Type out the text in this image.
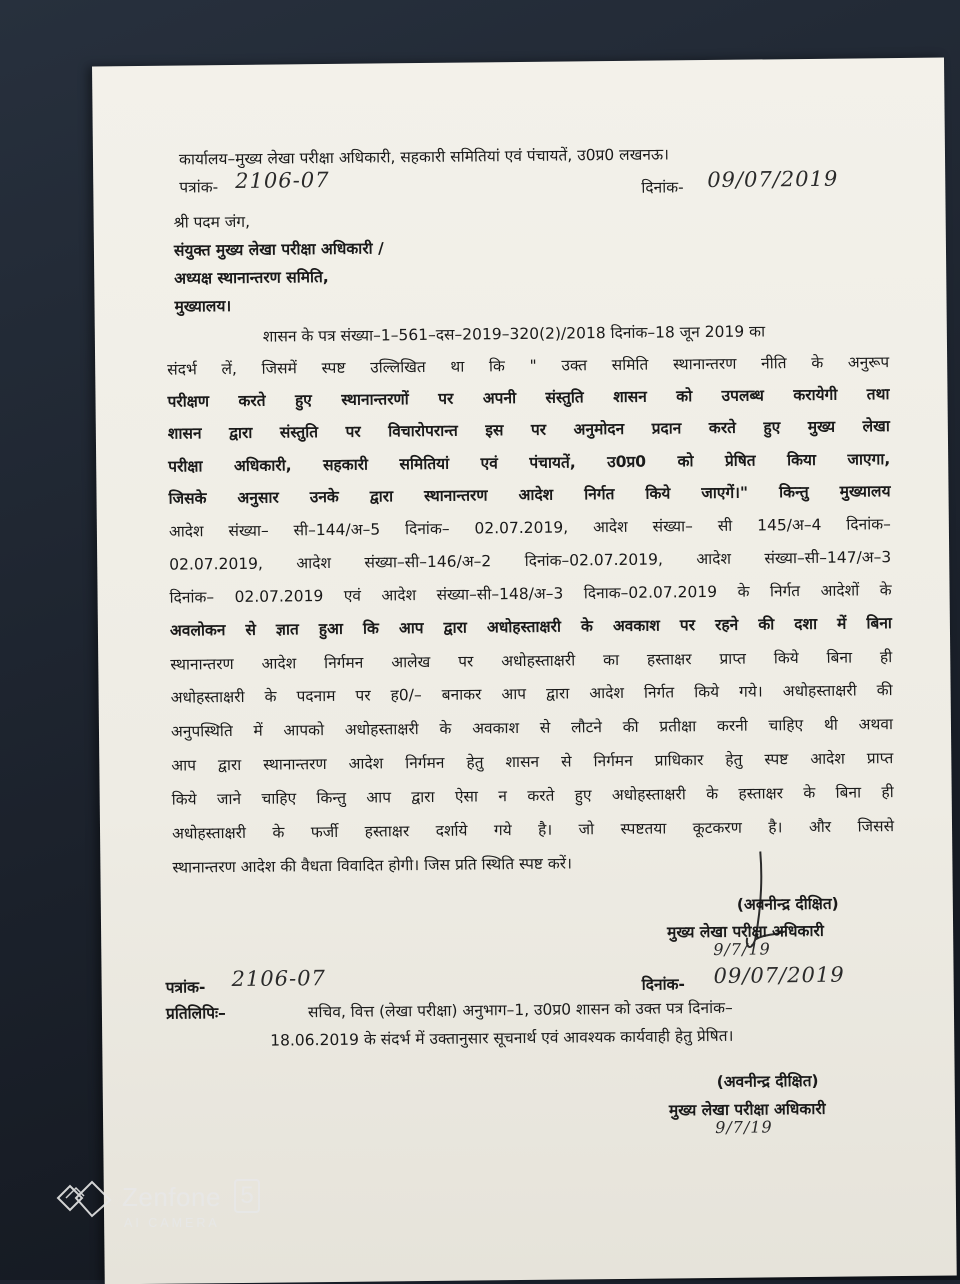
कार्यालय–मुख्य लेखा परीक्षा अधिकारी, सहकारी समितियां एवं पंचायतें, उ0प्र0 लखनऊ।
पत्रांक- 2106-07	दिनांक- 09/07/2019
श्री पदम जंग,
संयुक्त मुख्य लेखा परीक्षा अधिकारी /
अध्यक्ष स्थानान्तरण समिति,
मुख्यालय।
शासन के पत्र संख्या–1–561–दस–2019–320(2)/2018 दिनांक–18 जून 2019 का
संदर्भ लें, जिसमें स्पष्ट उल्लिखित था कि " उक्त समिति स्थानान्तरण नीति के अनुरूप
परीक्षण करते हुए स्थानान्तरणों पर अपनी संस्तुति शासन को उपलब्ध करायेगी तथा
शासन द्वारा संस्तुति पर विचारोपरान्त इस पर अनुमोदन प्रदान करते हुए मुख्य लेखा
परीक्षा अधिकारी, सहकारी समितियां एवं पंचायतें, उ0प्र0 को प्रेषित किया जाएगा,
जिसके अनुसार उनके द्वारा स्थानान्तरण आदेश निर्गत किये जाएगें।" किन्तु मुख्यालय
आदेश संख्या– सी–144/अ–5 दिनांक– 02.07.2019, आदेश संख्या– सी 145/अ–4 दिनांक–
02.07.2019, आदेश संख्या–सी–146/अ–2 दिनांक–02.07.2019, आदेश संख्या–सी–147/अ–3
दिनांक– 02.07.2019 एवं आदेश संख्या–सी–148/अ–3 दिनाक–02.07.2019 के निर्गत आदेशों के
अवलोकन से ज्ञात हुआ कि आप द्वारा अधोहस्ताक्षरी के अवकाश पर रहने की दशा में बिना
स्थानान्तरण आदेश निर्गमन आलेख पर अधोहस्ताक्षरी का हस्ताक्षर प्राप्त किये बिना ही
अधोहस्ताक्षरी के पदनाम पर ह0/– बनाकर आप द्वारा आदेश निर्गत किये गये। अधोहस्ताक्षरी की
अनुपस्थिति में आपको अधोहस्ताक्षरी के अवकाश से लौटने की प्रतीक्षा करनी चाहिए थी अथवा
आप द्वारा स्थानान्तरण आदेश निर्गमन हेतु शासन से निर्गमन प्राधिकार हेतु स्पष्ट आदेश प्राप्त
किये जाने चाहिए किन्तु आप द्वारा ऐसा न करते हुए अधोहस्ताक्षरी के हस्ताक्षर के बिना ही
अधोहस्ताक्षरी के फर्जी हस्ताक्षर दर्शाये गये है। जो स्पष्टतया कूटकरण है। और जिससे
स्थानान्तरण आदेश की वैधता विवादित होगी। जिस प्रति स्थिति स्पष्ट करें।
(अवनीन्द्र दीक्षित)
मुख्य लेखा परीक्षा अधिकारी
9/7/19
पत्रांक- 2106-07	दिनांक- 09/07/2019
प्रतिलिपिः–	सचिव, वित्त (लेखा परीक्षा) अनुभाग–1, उ0प्र0 शासन को उक्त पत्र दिनांक–
18.06.2019 के संदर्भ में उक्तानुसार सूचनार्थ एवं आवश्यक कार्यवाही हेतु प्रेषित।
(अवनीन्द्र दीक्षित)
मुख्य लेखा परीक्षा अधिकारी
9/7/19
Zenfone 5
AI CAMERA
